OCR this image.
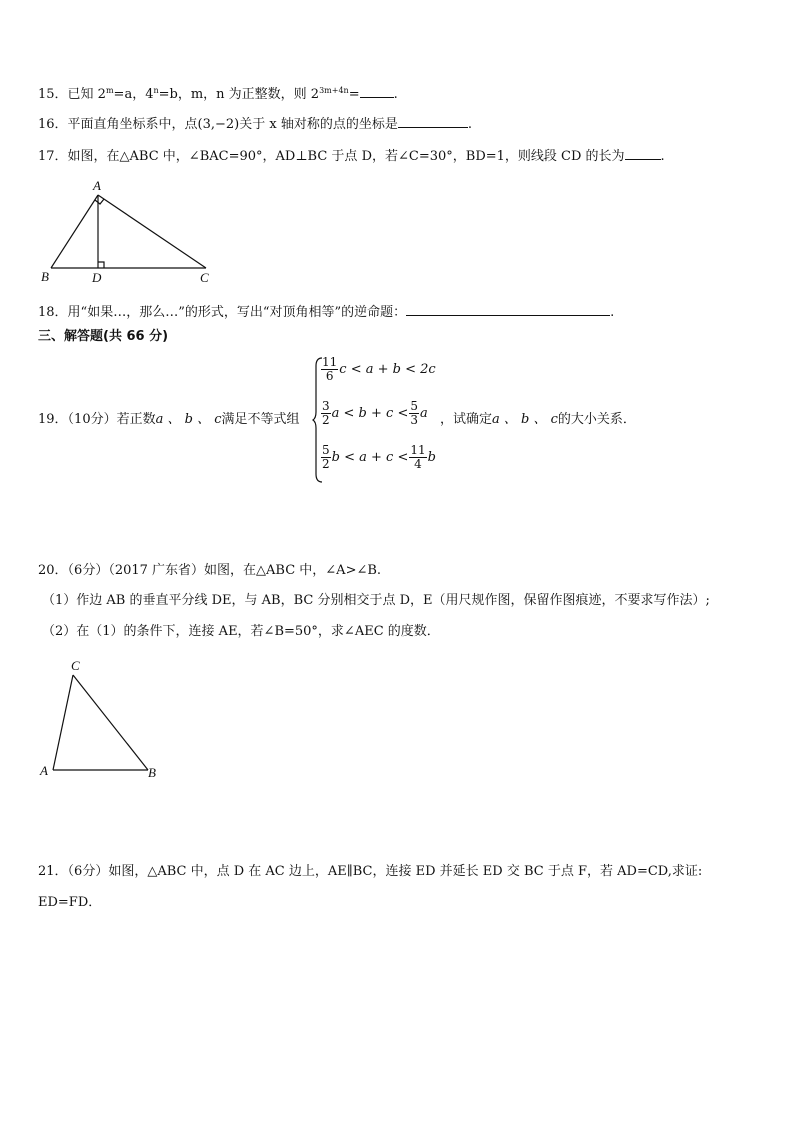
15．已知 $2^m=a$，$4^n=b$，m，n 为正整数，则 $2^{3m+4n}=$	.
16．平面直角坐标系中，点(3,−2)关于 x 轴对称的点的坐标是	.
17．如图，在△ABC 中，∠BAC=90°，AD⊥BC 于点 D，若∠C=30°，BD=1，则线段 CD 的长为	.
A
B	D	C
18．用“如果…，那么…”的形式，写出“对顶角相等”的逆命题：	.
三、解答题(共 66 分)
19．（10分）若正数a 、 b 、 c满足不等式组
$\frac{11}{6}$ c < a + b < 2c
$\frac{3}{2}$ $a < b + c < \frac{5}{3}$ a
$\frac{5}{2}$ $b < a + c < \frac{11}{4}$ b
，试确定a 、 b 、 c的大小关系．
20．（6分）（2017 广东省）如图，在△ABC 中，∠A>∠B.
（1）作边 AB 的垂直平分线 DE，与 AB，BC 分别相交于点 D，E（用尺规作图，保留作图痕迹，不要求写作法）;
（2）在（1）的条件下，连接 AE，若∠B=50°，求∠AEC 的度数．
C
A	B
21．（6分）如图，△ABC 中，点 D 在 AC 边上，AE∥BC，连接 ED 并延长 ED 交 BC 于点 F，若 AD=CD,求证:
ED=FD．
